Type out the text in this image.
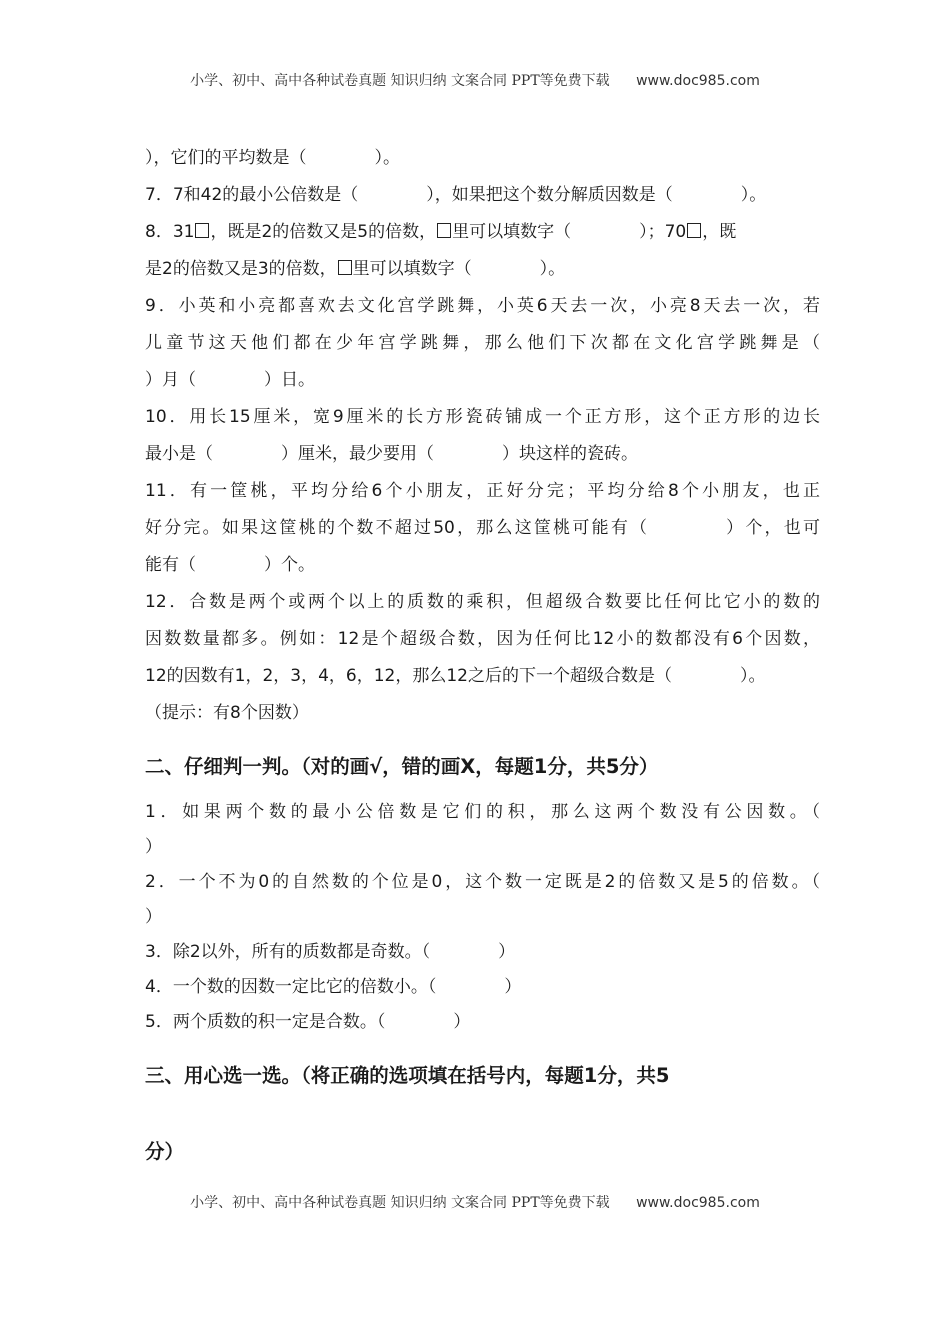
小学、初中、高中各种试卷真题 知识归纳 文案合同 PPT等免费下载 www.doc985.com
），它们的平均数是（　　　　）。
7．7和42的最小公倍数是（　　　　），如果把这个数分解质因数是（　　　　）。
8．31 ，既是2的倍数又是5的倍数， 里可以填数字（　　　　）；70 ，既
是2的倍数又是3的倍数， 里可以填数字（　　　　）。
9．小英和小亮都喜欢去文化宫学跳舞，小英6天去一次，小亮8天去一次，若
儿童节这天他们都在少年宫学跳舞，那么他们下次都在文化宫学跳舞是（
）月（　　　　）日。
10．用长15厘米，宽9厘米的长方形瓷砖铺成一个正方形，这个正方形的边长
最小是（　　　　）厘米，最少要用（　　　　）块这样的瓷砖。
11．有一筐桃，平均分给6个小朋友，正好分完；平均分给8个小朋友，也正
好分完。如果这筐桃的个数不超过50，那么这筐桃可能有（　　　　）个，也可
能有（　　　　）个。
12．合数是两个或两个以上的质数的乘积，但超级合数要比任何比它小的数的
因数数量都多。例如：12是个超级合数，因为任何比12小的数都没有6个因数，
12的因数有1，2，3，4，6，12，那么12之后的下一个超级合数是（　　　　）。
（提示：有8个因数）
二、仔细判一判。（对的画√，错的画X，每题1分，共5分）
1．如果两个数的最小公倍数是它们的积，那么这两个数没有公因数。（
）
2．一个不为0的自然数的个位是0，这个数一定既是2的倍数又是5的倍数。（
）
3．除2以外，所有的质数都是奇数。（　　　　）
4．一个数的因数一定比它的倍数小。（　　　　）
5．两个质数的积一定是合数。（　　　　）
三、用心选一选。（将正确的选项填在括号内，每题1分，共5
分）
小学、初中、高中各种试卷真题 知识归纳 文案合同 PPT等免费下载 www.doc985.com
